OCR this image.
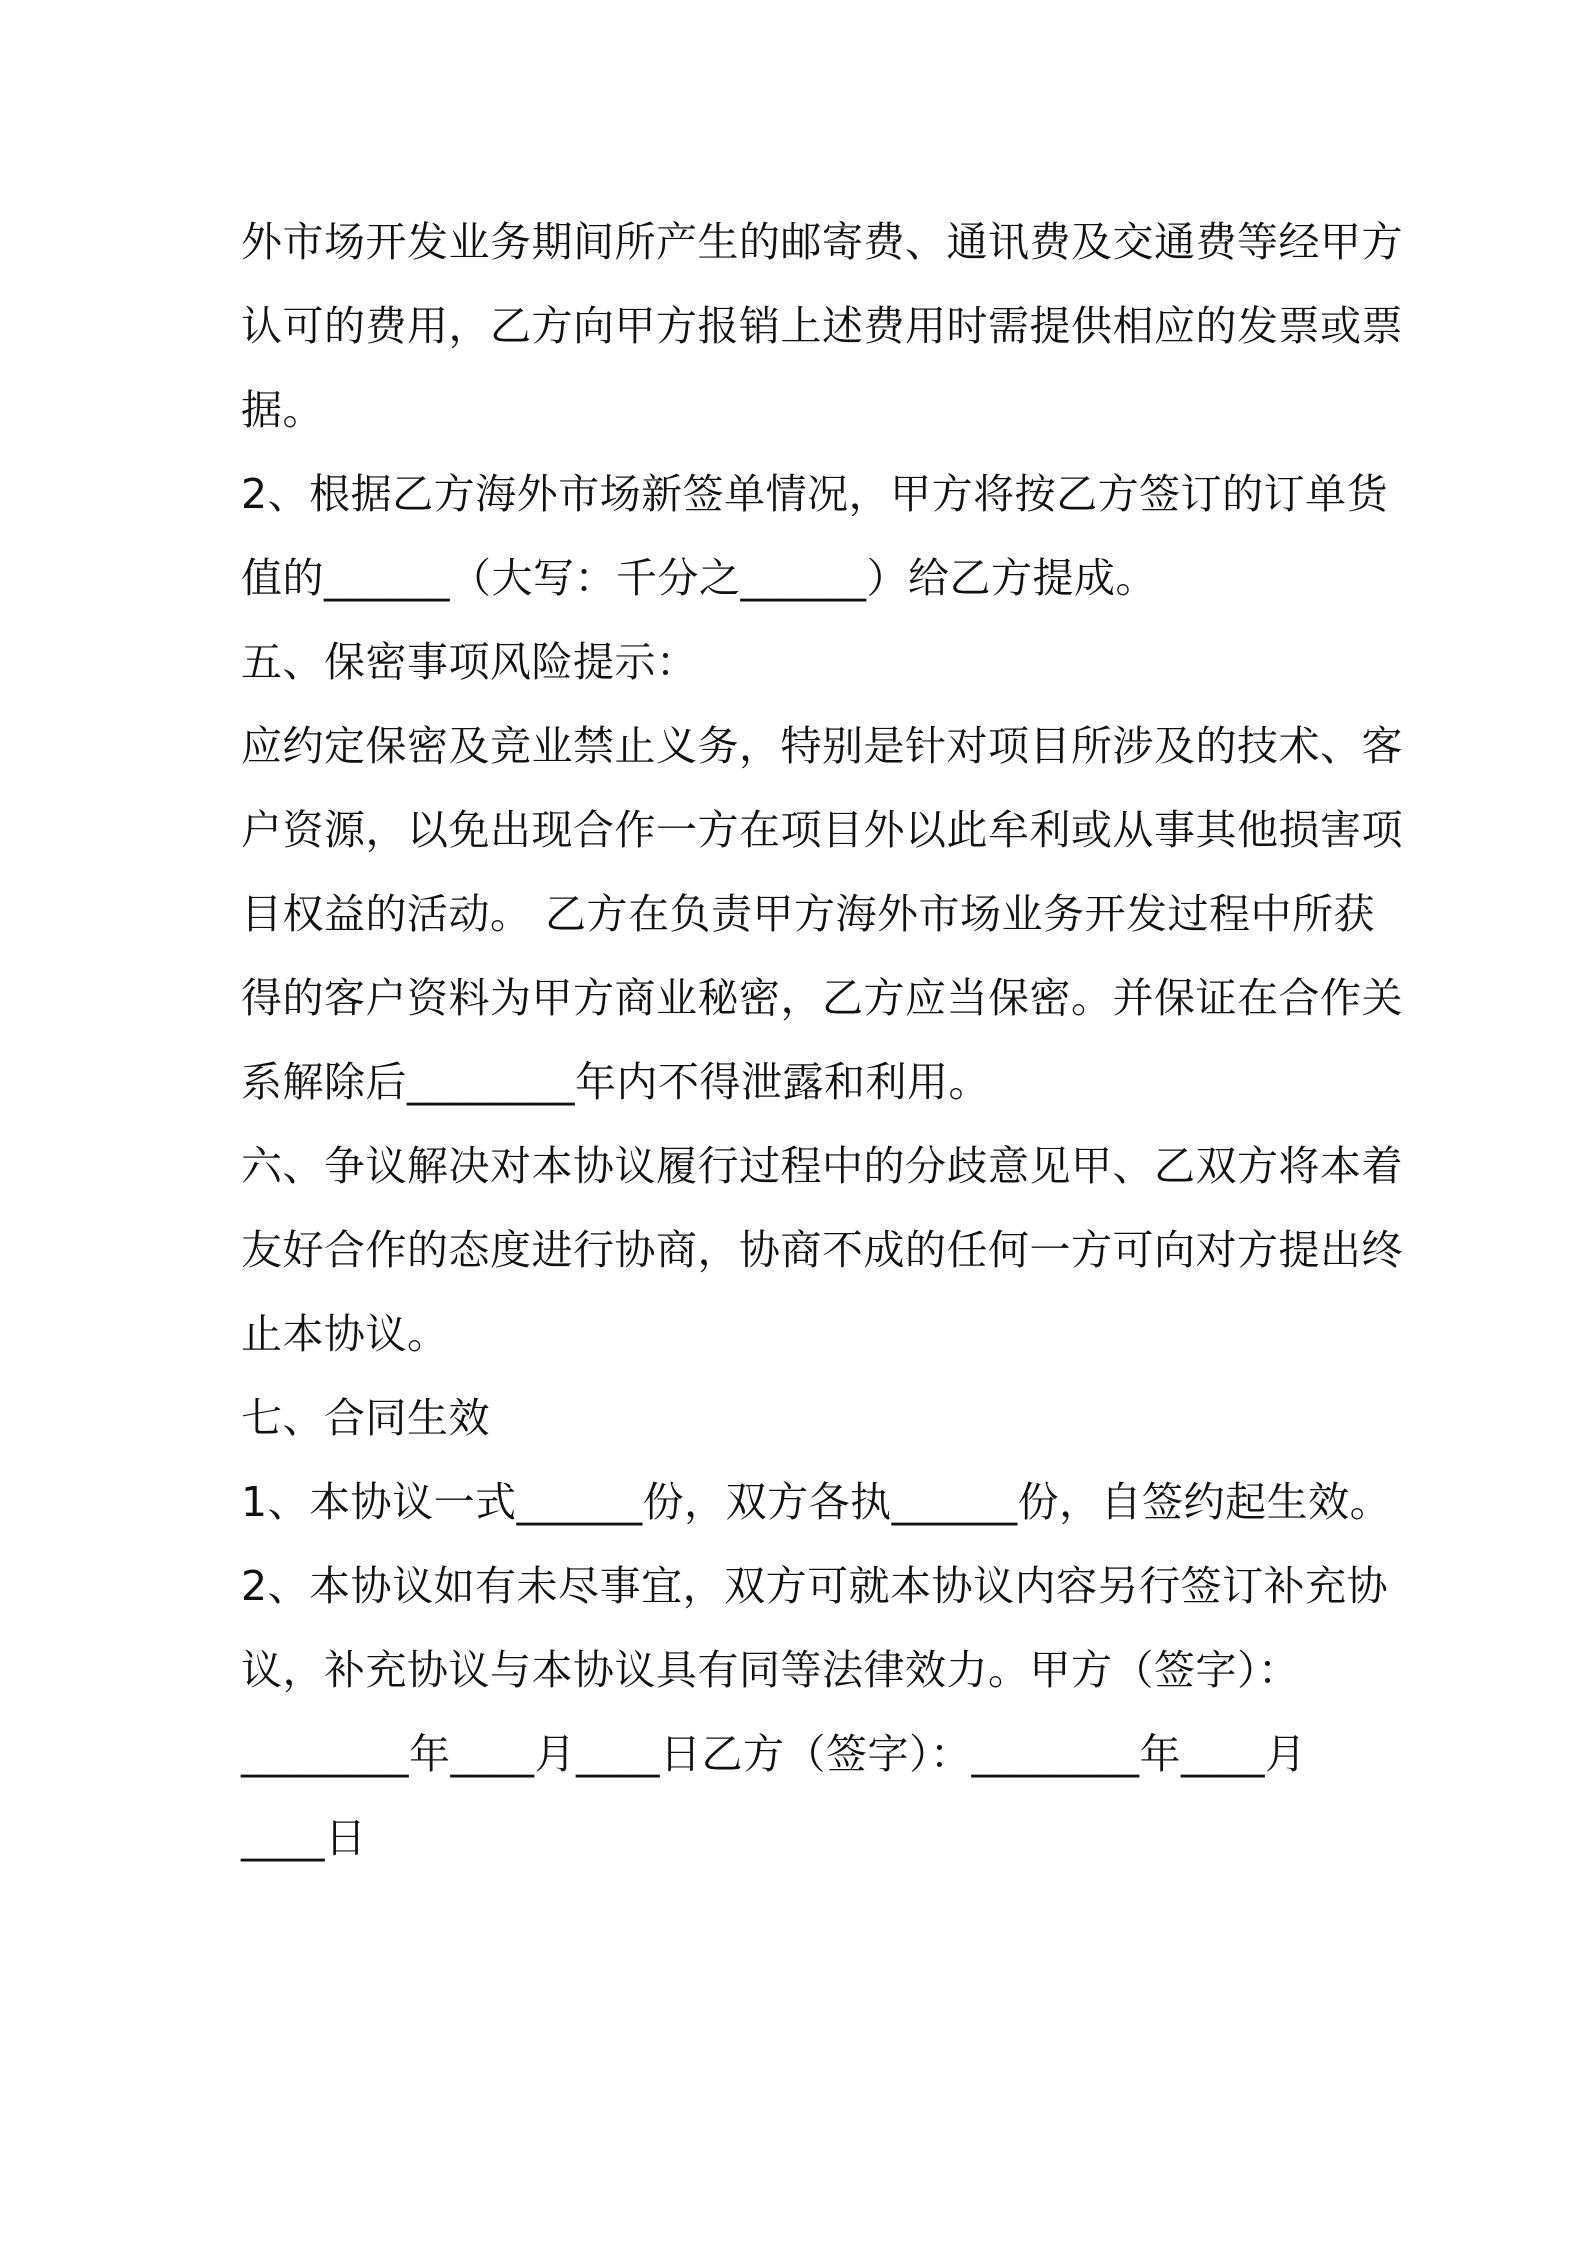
外市场开发业务期间所产生的邮寄费、通讯费及交通费等经甲方
认可的费用，乙方向甲方报销上述费用时需提供相应的发票或票
据。
2、根据乙方海外市场新签单情况，甲方将按乙方签订的订单货
值的______（大写：千分之______）给乙方提成。
五、保密事项风险提示：
应约定保密及竞业禁止义务，特别是针对项目所涉及的技术、客
户资源，以免出现合作一方在项目外以此牟利或从事其他损害项
目权益的活动。 乙方在负责甲方海外市场业务开发过程中所获
得的客户资料为甲方商业秘密，乙方应当保密。并保证在合作关
系解除后________年内不得泄露和利用。
六、争议解决对本协议履行过程中的分歧意见甲、乙双方将本着
友好合作的态度进行协商，协商不成的任何一方可向对方提出终
止本协议。
七、合同生效
1、本协议一式______份，双方各执______份，自签约起生效。
2、本协议如有未尽事宜，双方可就本协议内容另行签订补充协
议，补充协议与本协议具有同等法律效力。甲方（签字）：
________年____月____日乙方（签字）：________年____月
____日
